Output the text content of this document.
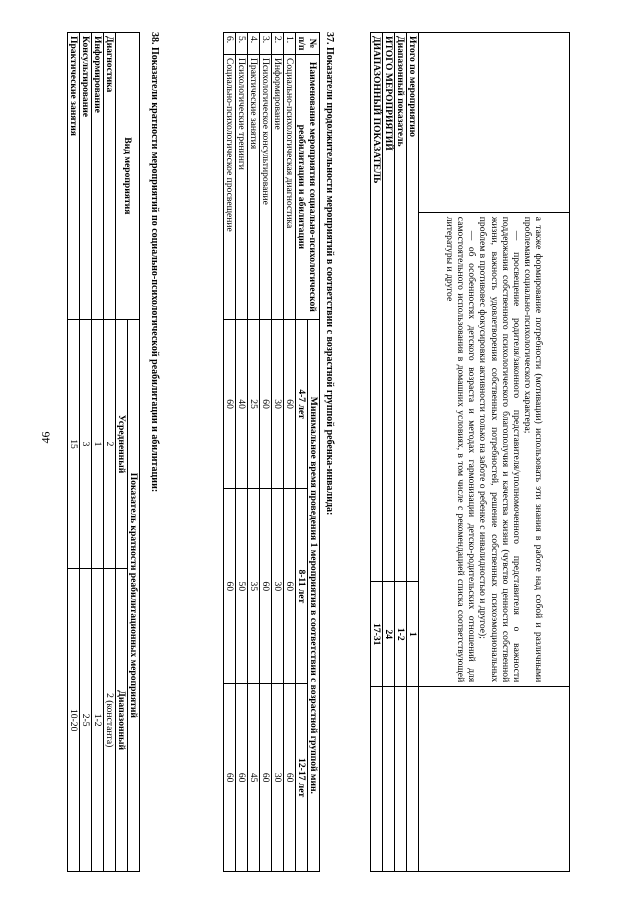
46

	а также формирование потребности (мотивации) использовать эти знания в работе над собой и различными проблемами социально-психологического характера;

— просвещение родителя/законного представителя/уполномоченного представителя о важности поддержания собственного психологического благополучия и качества жизни (чувство ценности собственной жизни, важность удовлетворения собственных потребностей, решение собственных психоэмоциональных проблем в противовес фокусировки активности только на заботе о ребенке с инвалидностью и другое);

— об особенностях детского возраста и методах гармонизации детско-родительских отношений для самостоятельного использования в домашних условиях, в том числе с рекомендацией списка соответствующей литературы и другое		

Итого по мероприятию		1	
Диапазонный показатель		1-2	
ИТОГО МЕРОПРИЯТИЙ		24	
ДИАПАЗОННЫЙ ПОКАЗАТЕЛЬ		17-31	
37. Показатели продолжительности мероприятий в соответствии с возрастной группой ребенка-инвалида:
№ п/п	Наименование мероприятия социально-психологической реабилитации и абилитации	Минимальное время проведения 1 мероприятия в соответствии с возрастной группой мин.		
		4-7 лет	8-11 лет	12-17 лет
1.	Социально-психологическая диагностика	60	60	60
2.	Информирование	30	30	30
3.	Психологическое консультирование	60	60	60
4.	Практические занятия	25	35	45
5.	Психологические тренинги	40	50	60
6.	Социально-психологическое просвещение	60	60	60
38. Показатели кратности мероприятий по социально-психологической реабилитации и абилитации:
Вид мероприятия	Показатель кратности реабилитационных мероприятий	
	Усредненный	Диапазонный
Диагностика	2	2 (константа)
Информирование	1	1-2
Консультирование	3	2-5
Практические занятия	15	10-20
